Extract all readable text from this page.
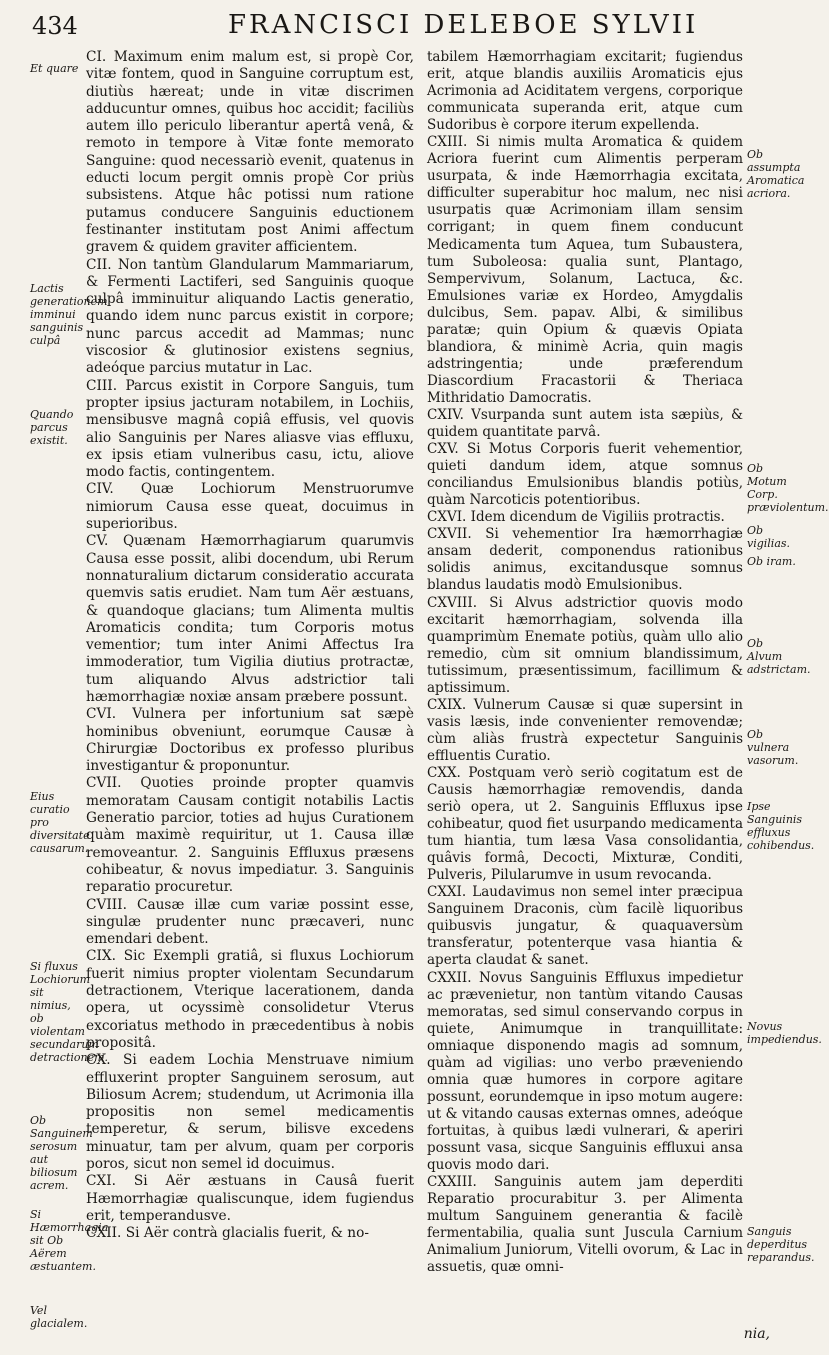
434	FRANCISCI DELEBOE SYLVII

CI. Maximum enim malum est, si propè Cor, vitæ fontem, quod in Sanguine corruptum est, diutiùs hæreat; unde in vitæ discrimen adducuntur omnes, quibus hoc accidit; faciliùs autem illo periculo liberantur apertâ venâ, & remoto in tempore à Vitæ fonte memorato Sanguine: quod necessariò evenit, quatenus in educti locum pergit omnis propè Cor priùs subsistens. Atque hâc potissi num ratione putamus conducere Sanguinis eductionem festinanter institutam post Animi affectum gravem & quidem graviter afficientem.

CII. Non tantùm Glandularum Mammariarum, & Fermenti Lactiferi, sed Sanguinis quoque culpâ imminuitur aliquando Lactis generatio, quando idem nunc parcus existit in corpore; nunc parcus accedit ad Mammas; nunc viscosior & glutinosior existens segnius, adeóque parcius mutatur in Lac.

CIII. Parcus existit in Corpore Sanguis, tum propter ipsius jacturam notabilem, in Lochiis, mensibusve magnâ copiâ effusis, vel quovis alio Sanguinis per Nares aliasve vias effluxu, ex ipsis etiam vulneribus casu, ictu, aliove modo factis, contingentem.

CIV. Quæ Lochiorum Menstruorumve nimiorum Causa esse queat, docuimus in superioribus.

CV. Quænam Hæmorrhagiarum quarumvis Causa esse possit, alibi docendum, ubi Rerum nonnaturalium dictarum consideratio accurata quemvis satis erudiet. Nam tum Aër æstuans, & quandoque glacians; tum Alimenta multis Aromaticis condita; tum Corporis motus vementior; tum inter Animi Affectus Ira immoderatior, tum Vigilia diutius protractæ, tum aliquando Alvus adstrictior tali hæmorrhagiæ noxiæ ansam præbere possunt.

CVI. Vulnera per infortunium sat sæpè hominibus obveniunt, eorumque Causæ à Chirurgiæ Doctoribus ex professo pluribus investigantur & proponuntur.

CVII. Quoties proinde propter quamvis memoratam Causam contigit notabilis Lactis Generatio parcior, toties ad hujus Curationem quàm maximè requiritur, ut 1. Causa illæ removeantur. 2. Sanguinis Effluxus præsens cohibeatur, & novus impediatur. 3. Sanguinis reparatio procuretur.

CVIII. Causæ illæ cum variæ possint esse, singulæ prudenter nunc præcaveri, nunc emendari debent.

CIX. Sic Exempli gratiâ, si fluxus Lochiorum fuerit nimius propter violentam Secundarum detractionem, Vterique lacerationem, danda opera, ut ocyssimè consolidetur Vterus excoriatus methodo in præcedentibus à nobis propositâ.

CX. Si eadem Lochia Menstruave nimium effluxerint propter Sanguinem serosum, aut Biliosum Acrem; studendum, ut Acrimonia illa propositis non semel medicamentis temperetur, & serum, bilisve excedens minuatur, tam per alvum, quam per corporis poros, sicut non semel id docuimus.

CXI. Si Aër æstuans in Causâ fuerit Hæmorrhagiæ qualiscunque, idem fugiendus erit, temperandusve.

CXII. Si Aër contrà glacialis fuerit, & no-

tabilem Hæmorrhagiam excitarit; fugiendus erit, atque blandis auxiliis Aromaticis ejus Acrimonia ad Aciditatem vergens, corporique communicata superanda erit, atque cum Sudoribus è corpore iterum expellenda.

CXIII. Si nimis multa Aromatica & quidem Acriora fuerint cum Alimentis perperam usurpata, & inde Hæmorrhagia excitata, difficulter superabitur hoc malum, nec nisi usurpatis quæ Acrimoniam illam sensim corrigant; in quem finem conducunt Medicamenta tum Aquea, tum Subaustera, tum Suboleosa: qualia sunt, Plantago, Sempervivum, Solanum, Lactuca, &c. Emulsiones variæ ex Hordeo, Amygdalis dulcibus, Sem. papav. Albi, & similibus paratæ; quin Opium & quævis Opiata blandiora, & minimè Acria, quin magis adstringentia; unde præferendum Diascordium Fracastorii & Theriaca Mithridatio Damocratis.

CXIV. Vsurpanda sunt autem ista sæpiùs, & quidem quantitate parvâ.

CXV. Si Motus Corporis fuerit vehementior, quieti dandum idem, atque somnus conciliandus Emulsionibus blandis potiùs, quàm Narcoticis potentioribus.

CXVI. Idem dicendum de Vigiliis protractis.

CXVII. Si vehementior Ira hæmorrhagiæ ansam dederit, componendus rationibus solidis animus, excitandusque somnus blandus laudatis modò Emulsionibus.

CXVIII. Si Alvus adstrictior quovis modo excitarit hæmorrhagiam, solvenda illa quamprimùm Enemate potiùs, quàm ullo alio remedio, cùm sit omnium blandissimum, tutissimum, præsentissimum, facillimum & aptissimum.

CXIX. Vulnerum Causæ si quæ supersint in vasis læsis, inde convenienter removendæ; cùm aliàs frustrà expectetur Sanguinis effluentis Curatio.

CXX. Postquam verò seriò cogitatum est de Causis hæmorrhagiæ removendis, danda seriò opera, ut 2. Sanguinis Effluxus ipse cohibeatur, quod fiet usurpando medicamenta tum hiantia, tum læsa Vasa consolidantia, quâvis formâ, Decocti, Mixturæ, Conditi, Pulveris, Pilularumve in usum revocanda.

CXXI. Laudavimus non semel inter præcipua Sanguinem Draconis, cùm facilè liquoribus quibusvis jungatur, & quaquaversùm transferatur, potenterque vasa hiantia & aperta claudat & sanet.

CXXII. Novus Sanguinis Effluxus impedietur ac prævenietur, non tantùm vitando Causas memoratas, sed simul conservando corpus in quiete, Animumque in tranquillitate: omniaque disponendo magis ad somnum, quàm ad vigilias: uno verbo præveniendo omnia quæ humores in corpore agitare possunt, eorundemque in ipso motum augere: ut & vitando causas externas omnes, adeóque fortuitas, à quibus lædi vulnerari, & aperiri possunt vasa, sicque Sanguinis effluxui ansa quovis modo dari.

CXXIII. Sanguinis autem jam deperditi Reparatio procurabitur 3. per Alimenta multum Sanguinem generantia & facilè fermentabilia, qualia sunt Juscula Carnium Animalium Juniorum, Vitelli ovorum, & Lac in assuetis, quæ omni-

Et quare
Lactis generationem imminui sanguinis culpâ
Quando parcus existit.
Eius curatio pro diversitate causarum.
Si fluxus Lochiorum sit nimius, ob violentam secundarum detractionem.
Ob Sanguinem serosum aut biliosum acrem.
Si Hæmorrhagia sit Ob Aërem æstuantem.
Vel glacialem.
Ob assumpta Aromatica acriora.
Ob Motum Corp. præviolentum.
Ob vigilias.
Ob iram.
Ob Alvum adstrictam.
Ob vulnera vasorum.
Ipse Sanguinis effluxus cohibendus.
Novus impediendus.
Sanguis deperditus reparandus.
nia,
